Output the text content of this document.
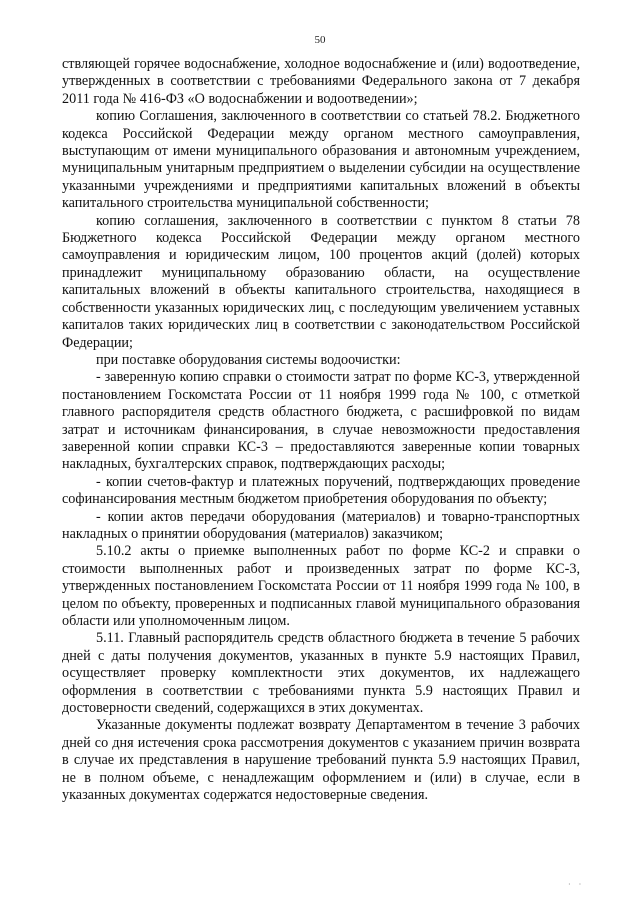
50

ствляющей горячее водоснабжение, холодное водоснабжение и (или) водоотведение, утвержденных в соответствии с требованиями Федерального закона от 7 декабря 2011 года № 416-ФЗ «О водоснабжении и водоотведении»;

копию Соглашения, заключенного в соответствии со статьей 78.2. Бюджетного кодекса Российской Федерации между органом местного самоуправления, выступающим от имени муниципального образования и автономным учреждением, муниципальным унитарным предприятием о выделении субсидии на осуществление указанными учреждениями и предприятиями капитальных вложений в объекты капитального строительства муниципальной собственности;

копию соглашения, заключенного в соответствии с пунктом 8 статьи 78 Бюджетного кодекса Российской Федерации между органом местного самоуправления и юридическим лицом, 100 процентов акций (долей) которых принадлежит муниципальному образованию области, на осуществление капитальных вложений в объекты капитального строительства, находящиеся в собственности указанных юридических лиц, с последующим увеличением уставных капиталов таких юридических лиц в соответствии с законодательством Российской Федерации;

при поставке оборудования системы водоочистки:

- заверенную копию справки о стоимости затрат по форме КС-3, утвержденной постановлением Госкомстата России от 11 ноября 1999 года № 100, с отметкой главного распорядителя средств областного бюджета, с расшифровкой по видам затрат и источникам финансирования, в случае невозможности предоставления заверенной копии справки КС-3 – предоставляются заверенные копии товарных накладных, бухгалтерских справок, подтверждающих расходы;

- копии счетов-фактур и платежных поручений, подтверждающих проведение софинансирования местным бюджетом приобретения оборудования по объекту;

- копии актов передачи оборудования (материалов) и товарно-транспортных накладных о принятии оборудования (материалов) заказчиком;

5.10.2 акты о приемке выполненных работ по форме КС-2 и справки о стоимости выполненных работ и произведенных затрат по форме КС-3, утвержденных постановлением Госкомстата России от 11 ноября 1999 года № 100, в целом по объекту, проверенных и подписанных главой муниципального образования области или уполномоченным лицом.

5.11. Главный распорядитель средств областного бюджета в течение 5 рабочих дней с даты получения документов, указанных в пункте 5.9 настоящих Правил, осуществляет проверку комплектности этих документов, их надлежащего оформления в соответствии с требованиями пункта 5.9 настоящих Правил и достоверности сведений, содержащихся в этих документах.

Указанные документы подлежат возврату Департаментом в течение 3 рабочих дней со дня истечения срока рассмотрения документов с указанием причин возврата в случае их представления в нарушение требований пункта 5.9 настоящих Правил, не в полном объеме, с ненадлежащим оформлением и (или) в случае, если в указанных документах содержатся недостоверные сведения.

· ·
